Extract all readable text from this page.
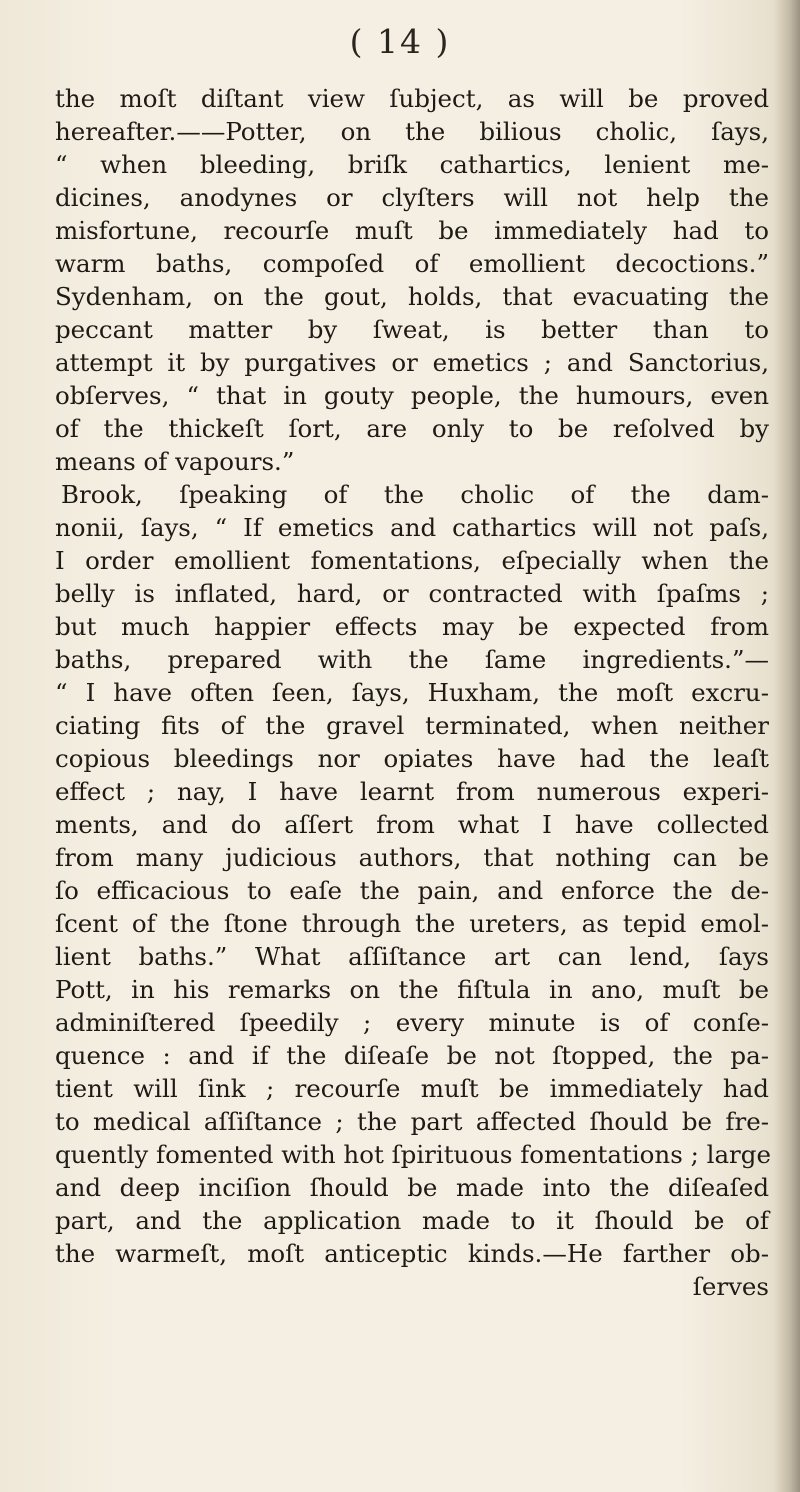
( 14 )
the moſt diſtant view ſubject, as will be proved
hereafter.——Potter, on the bilious cholic, ſays,
“ when bleeding, briſk cathartics, lenient me-
dicines, anodynes or clyſters will not help the
misfortune, recourſe muſt be immediately had to
warm baths, compoſed of emollient decoctions.”
Sydenham, on the gout, holds, that evacuating the
peccant matter by ſweat, is better than to
attempt it by purgatives or emetics ; and Sanctorius,
obſerves, “ that in gouty people, the humours, even
of the thickeſt ſort, are only to be reſolved by
means of vapours.”
Brook, ſpeaking of the cholic of the dam-
nonii, ſays, “ If emetics and cathartics will not paſs,
I order emollient fomentations, eſpecially when the
belly is inflated, hard, or contracted with ſpaſms ;
but much happier effects may be expected from
baths, prepared with the ſame ingredients.”—
“ I have often ſeen, ſays, Huxham, the moſt excru-
ciating fits of the gravel terminated, when neither
copious bleedings nor opiates have had the leaſt
effect ; nay, I have learnt from numerous experi-
ments, and do aſſert from what I have collected
from many judicious authors, that nothing can be
ſo efficacious to eaſe the pain, and enforce the de-
ſcent of the ſtone through the ureters, as tepid emol-
lient baths.” What aſſiſtance art can lend, ſays
Pott, in his remarks on the fiſtula in ano, muſt be
adminiſtered ſpeedily ; every minute is of conſe-
quence : and if the diſeaſe be not ſtopped, the pa-
tient will ſink ; recourſe muſt be immediately had
to medical aſſiſtance ; the part affected ſhould be fre-
quently fomented with hot ſpirituous fomentations ; large
and deep inciſion ſhould be made into the diſeaſed
part, and the application made to it ſhould be of
the warmeſt, moſt anticeptic kinds.—He farther ob-
ſerves
